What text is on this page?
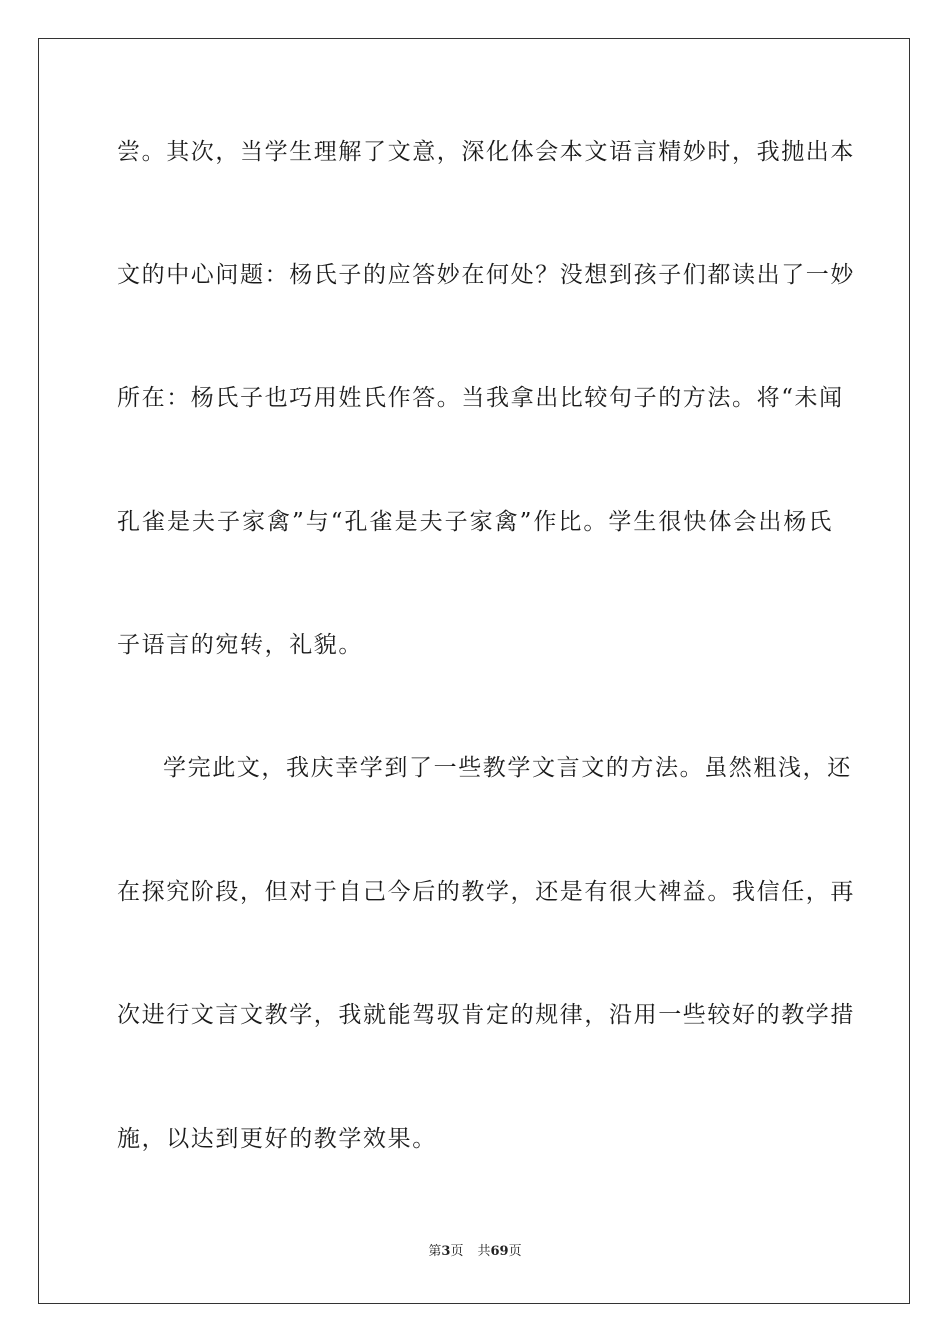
尝。其次，当学生理解了文意，深化体会本文语言精妙时，我抛出本
文的中心问题：杨氏子的应答妙在何处？没想到孩子们都读出了一妙
所在：杨氏子也巧用姓氏作答。当我拿出比较句子的方法。将“未闻
孔雀是夫子家禽”与“孔雀是夫子家禽”作比。学生很快体会出杨氏
子语言的宛转，礼貌。
学完此文，我庆幸学到了一些教学文言文的方法。虽然粗浅，还
在探究阶段，但对于自己今后的教学，还是有很大裨益。我信任，再
次进行文言文教学，我就能驾驭肯定的规律，沿用一些较好的教学措
施，以达到更好的教学效果。
第3页 共69页
